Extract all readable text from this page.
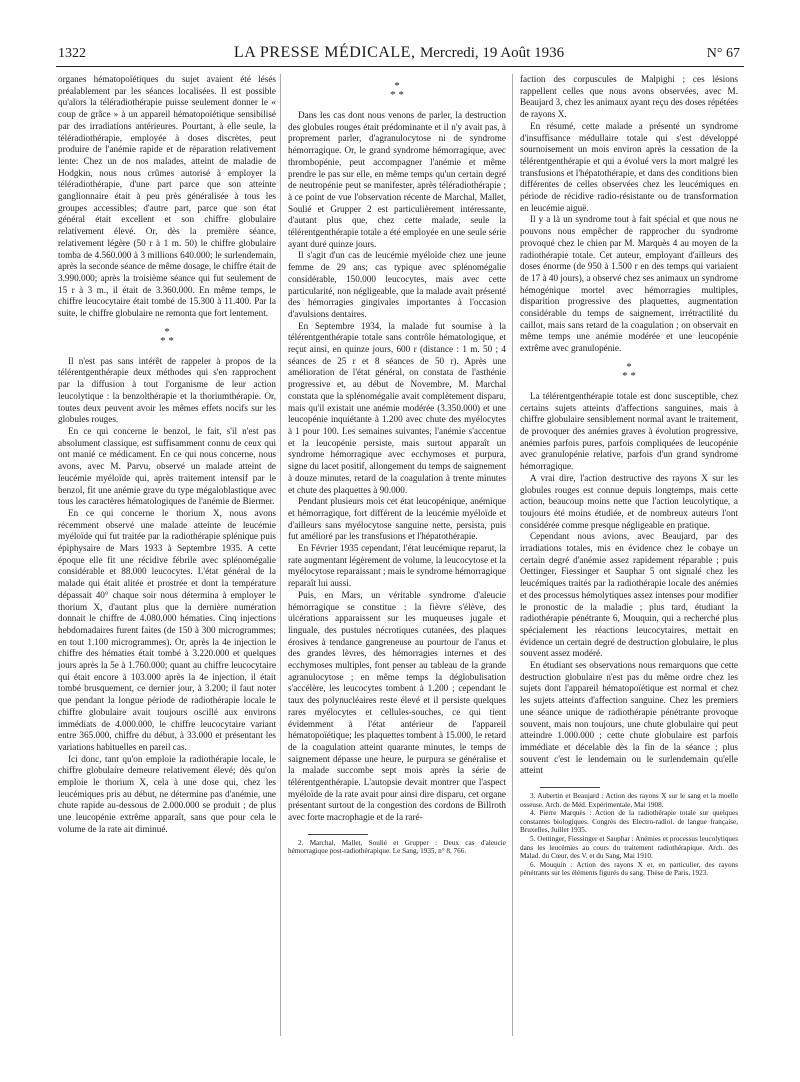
1322	LA PRESSE MÉDICALE, Mercredi, 19 Août 1936	N° 67

organes hématopoïétiques du sujet avaient été lésés préalablement par les séances localisées. Il est possible qu'alors la téléradiothérapie puisse seulement donner le « coup de grâce » à un appareil hématopoïétique sensibilisé par des irradiations antérieures. Pourtant, à elle seule, la téléradiothérapie, employée à doses discrètes, peut produire de l'anémie rapide et de réparation relativement lente: Chez un de nos malades, atteint de maladie de Hodgkin, nous nous crûmes autorisé à employer la téléradiothérapie, d'une part parce que son atteinte ganglionnaire était à peu près généralisée à tous les groupes accessibles; d'autre part, parce que son état général était excellent et son chiffre globulaire relativement élevé. Or, dès la première séance, relativement légère (50 r à 1 m. 50) le chiffre globulaire tomba de 4.560.000 à 3 millions 640.000; le surlendemain, après la seconde séance de même dosage, le chiffre était de 3.990.000; après la troisième séance qui fut seulement de 15 r à 3 m., il était de 3.360.000. En même temps, le chiffre leucocytaire était tombé de 15.300 à 11.400. Par la suite, le chiffre globulaire ne remonta que fort lentement.

*
* *

Il n'est pas sans intérêt de rappeler à propos de la télérentgenthérapie deux méthodes qui s'en rapprochent par la diffusion à tout l'organisme de leur action leucolytique : la benzolthérapie et la thoriumthérapie. Or, toutes deux peuvent avoir les mêmes effets nocifs sur les globules rouges.

En ce qui concerne le benzol, le fait, s'il n'est pas absolument classique, est suffisamment connu de ceux qui ont manié ce médicament. En ce qui nous concerne, nous avons, avec M. Parvu, observé un malade atteint de leucémie myéloïde qui, après traitement intensif par le benzol, fit une anémie grave du type mégaloblastique avec tous les caractères hématologiques de l'anémie de Biermer.

En ce qui concerne le thorium X, nous avons récemment observé une malade atteinte de leucémie myéloïde qui fut traitée par la radiothérapie splénique puis épiphysaire de Mars 1933 à Septembre 1935. A cette époque elle fit une récidive fébrile avec splénomégalie considérable et 88.000 leucocytes. L'état général de la malade qui était alitée et prostrée et dont la température dépassait 40° chaque soir nous détermina à employer le thorium X, d'autant plus que la dernière numération donnait le chiffre de 4.080.000 hématies. Cinq injections hebdomadaires furent faites (de 150 à 300 microgrammes; en tout 1.100 microgrammes). Or, après la 4e injection le chiffre des hématies était tombé à 3.220.000 et quelques jours après la 5e à 1.760.000; quant au chiffre leucocytaire qui était encore à 103.000 après la 4e injection, il était tombé brusquement, ce dernier jour, à 3.200; il faut noter que pendant la longue période de radiothérapie locale le chiffre globulaire avait toujours oscillé aux environs immédiats de 4.000.000, le chiffre leucocytaire variant entre 365.000, chiffre du début, à 33.000 et présentant les variations habituelles en pareil cas.

Ici donc, tant qu'on emploie la radiothérapie locale, le chiffre globulaire demeure relativement élevé; dès qu'on emploie le thorium X, cela à une dose qui, chez les leucémiques pris au début, ne détermine pas d'anémie, une chute rapide au-dessous de 2.000.000 se produit ; de plus une leucopénie extrême apparaît, sans que pour cela le volume de la rate ait diminué.

*
* *

Dans les cas dont nous venons de parler, la destruction des globules rouges était prédominante et il n'y avait pas, à proprement parler, d'agranulocytose ni de syndrome hémorragique. Or, le grand syndrome hémorragique, avec thrombopénie, peut accompagner l'anémie et même prendre le pas sur elle, en même temps qu'un certain degré de neutropénie peut se manifester, après téléradiothérapie ; à ce point de vue l'observation récente de Marchal, Mallet, Soulié et Grupper 2 est particulièrement intéressante, d'autant plus que, chez cette malade, seule la télérentgenthérapie totale a été employée en une seule série ayant duré quinze jours.

Il s'agit d'un cas de leucémie myéloïde chez une jeune femme de 29 ans; cas typique avec splénomégalie considérable, 150.000 leucocytes, mais avec cette particularité, non négligeable, que la malade avait présenté des hémorragies gingivales importantes à l'occasion d'avulsions dentaires.

En Septembre 1934, la malade fut soumise à la télérentgenthérapie totale sans contrôle hématologique, et reçut ainsi, en quinze jours, 600 r (distance : 1 m. 50 ; 4 séances de 25 r et 8 séances de 50 r). Après une amélioration de l'état général, on constata de l'asthénie progressive et, au début de Novembre, M. Marchal constata que la splénomégalie avait complètement disparu, mais qu'il existait une anémie modérée (3.350.000) et une leucopénie inquiétante à 1.200 avec chute des myélocytes à 1 pour 100. Les semaines suivantes, l'anémie s'accentue et la leucopénie persiste, mais surtout apparaît un syndrome hémorragique avec ecchymoses et purpura, signe du lacet positif, allongement du temps de saignement à douze minutes, retard de la coagulation à trente minutes et chute des plaquettes à 90.000.

Pendant plusieurs mois cet état leucopénique, anémique et hémorragique, fort différent de la leucémie myéloïde et d'ailleurs sans myélocytose sanguine nette, persista, puis fut amélioré par les transfusions et l'hépatothérapie.

En Février 1935 cependant, l'état leucémique reparut, la rate augmentant légèrement de volume, la leucocytose et la myélocytose reparaissant ; mais le syndrome hémorragique reparaît lui aussi.

Puis, en Mars, un véritable syndrome d'aleucie hémorragique se constitue : la fièvre s'élève, des ulcérations apparaissent sur les muqueuses jugale et linguale, des pustules nécrotiques cutanées, des plaques érosives à tendance gangreneuse au pourtour de l'anus et des grandes lèvres, des hémorragies internes et des ecchymoses multiples, font penser au tableau de la grande agranulocytose ; en même temps la déglobulisation s'accélère, les leucocytes tombent à 1.200 ; cependant le taux des polynucléaires reste élevé et il persiste quelques rares myélocytes et cellules-souches, ce qui tient évidemment à l'état antérieur de l'appareil hématopoïétique; les plaquettes tombent à 15.000, le retard de la coagulation atteint quarante minutes, le temps de saignement dépasse une heure, le purpura se généralise et la malade succombe sept mois après la série de télérentgenthérapie. L'autopsie devait montrer que l'aspect myéloïde de la rate avait pour ainsi dire disparu, cet organe présentant surtout de la congestion des cordons de Billroth avec forte macrophagie et de la raré-

2. Marchal, Mallet, Soulié et Grupper : Deux cas d'aleucie hémorragique post-radiothérapique. Le Sang, 1935, n° 8, 766.

faction des corpuscules de Malpighi ; ces lésions rappellent celles que nous avons observées, avec M. Beaujard 3, chez les animaux ayant reçu des doses répétées de rayons X.

En résumé, cette malade a présenté un syndrome d'insuffisance médullaire totale qui s'est développé sournoisement un mois environ après la cessation de la télérentgenthérapie et qui a évolué vers la mort malgré les transfusions et l'hépatothérapie, et dans des conditions bien différentes de celles observées chez les leucémiques en période de récidive radio-résistante ou de transformation en leucémie aiguë.

Il y a là un syndrome tout à fait spécial et que nous ne pouvons nous empêcher de rapprocher du syndrome provoqué chez le chien par M. Marquès 4 au moyen de la radiothérapie totale. Cet auteur, employant d'ailleurs des doses énorme (de 950 à 1.500 r en des temps qui variaient de 17 à 40 jours), a observé chez ses animaux un syndrome hémogénique mortel avec hémorragies multiples, disparition progressive des plaquettes, augmentation considérable du temps de saignement, irrétractilité du caillot, mais sans retard de la coagulation ; on observait en même temps une anémie modérée et une leucopénie extrême avec granulopénie.

*
* *

La télérentgenthérapie totale est donc susceptible, chez certains sujets atteints d'affections sanguines, mais à chiffre globulaire sensiblement normal avant le traitement, de provoquer des anémies graves à évolution progressive, anémies parfois pures, parfois compliquées de leucopénie avec granulopénie relative, parfois d'un grand syndrome hémorragique.

A vrai dire, l'action destructive des rayons X sur les globules rouges est connue depuis longtemps, mais cette action, beaucoup moins nette que l'action leucolytique, a toujours été moins étudiée, et de nombreux auteurs l'ont considérée comme presque négligeable en pratique.

Cependant nous avions, avec Beaujard, par des irradiations totales, mis en évidence chez le cobaye un certain degré d'anémie assez rapidement réparable ; puis Oettinger, Fiessinger et Sauphar 5 ont signalé chez les leucémiques traités par la radiothérapie locale des anémies et des processus hémolytiques assez intenses pour modifier le pronostic de la maladie ; plus tard, étudiant la radiothérapie pénétrante 6, Mouquin, qui a recherché plus spécialement les réactions leucocytaires, mettait en évidence un certain degré de destruction globulaire, le plus souvent assez modéré.

En étudiant ses observations nous remarquons que cette destruction globulaire n'est pas du même ordre chez les sujets dont l'appareil hématopoïétique est normal et chez les sujets atteints d'affection sanguine. Chez les premiers une séance unique de radiothérapie pénétrante provoque souvent, mais non toujours, une chute globulaire qui peut atteindre 1.000.000 ; cette chute globulaire est parfois immédiate et décelable dès la fin de la séance ; plus souvent c'est le lendemain ou le surlendemain qu'elle atteint

3. Aubertin et Beaujard : Action des rayons X sur le sang et la moelle osseuse. Arch. de Méd. Expérimentale, Mai 1908.

4. Pierre Marquès : Action de la radiothérapie totale sur quelques constantes biologiques. Congrès des Electro-radiol. de langue française, Bruxelles, Juillet 1935.

5. Oettinger, Fiessinger et Sauphar : Anémies et processus leucolytiques dans les leucémies au cours du traitement radiothérapique. Arch. des Malad. du Cœur, des V. et du Sang, Mai 1910.

6. Mouquin : Action des rayons X et, en particulier, des rayons pénétrants sur les éléments figurés du sang. Thèse de Paris, 1923.
